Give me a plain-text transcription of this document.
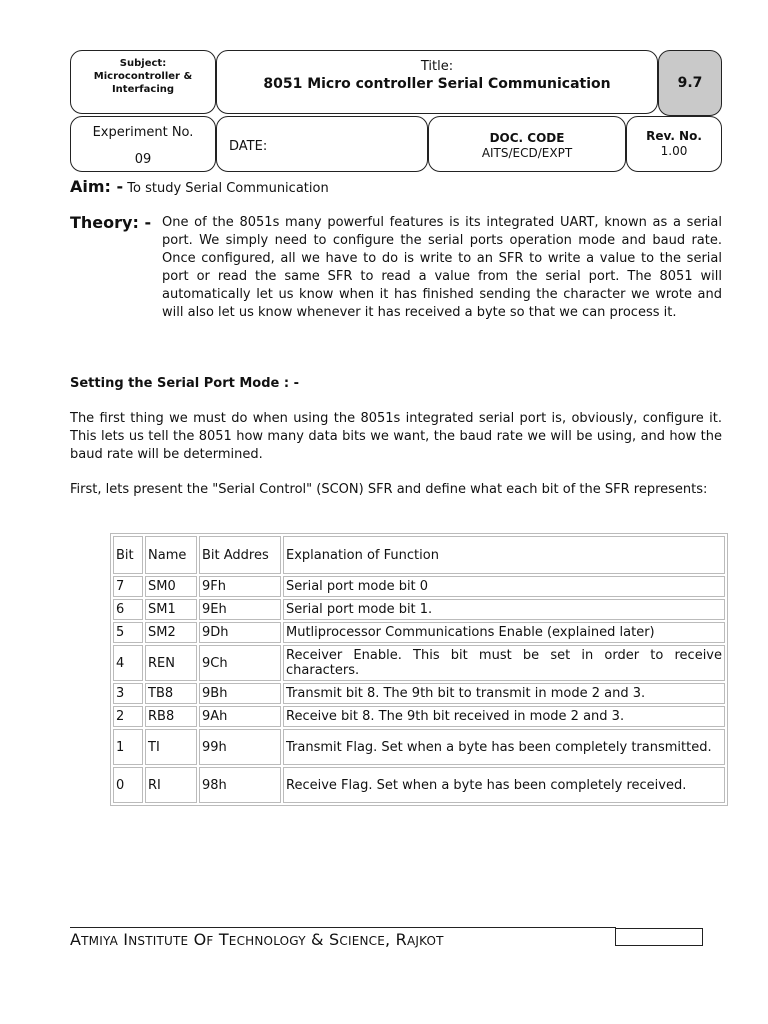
Subject:
Microcontroller &
Interfacing
Title:
8051 Micro controller Serial Communication	9.7
Experiment No.
09
DATE:
DOC. CODE
AITS/ECD/EXPT
Rev. No.
1.00
Aim: - To study Serial Communication
Theory: - One of the 8051s many powerful features is its integrated UART, known as a serial port. We simply need to configure the serial ports operation mode and baud rate. Once configured, all we have to do is write to an SFR to write a value to the serial port or read the same SFR to read a value from the serial port. The 8051 will automatically let us know when it has finished sending the character we wrote and will also let us know whenever it has received a byte so that we can process it.
Setting the Serial Port Mode : -
The first thing we must do when using the 8051s integrated serial port is, obviously, configure it. This lets us tell the 8051 how many data bits we want, the baud rate we will be using, and how the baud rate will be determined.
First, lets present the "Serial Control" (SCON) SFR and define what each bit of the SFR represents:
Bit	Name	Bit Addres	Explanation of Function
7	SM0	9Fh	Serial port mode bit 0
6	SM1	9Eh	Serial port mode bit 1.
5	SM2	9Dh	Mutliprocessor Communications Enable (explained later)
4	REN	9Ch	Receiver Enable. This bit must be set in order to receive characters.
3	TB8	9Bh	Transmit bit 8. The 9th bit to transmit in mode 2 and 3.
2	RB8	9Ah	Receive bit 8. The 9th bit received in mode 2 and 3.
1	TI	99h	Transmit Flag. Set when a byte has been completely transmitted.
0	RI	98h	Receive Flag. Set when a byte has been completely received.
ATMIYA INSTITUTE OF TECHNOLOGY & SCIENCE, RAJKOT
